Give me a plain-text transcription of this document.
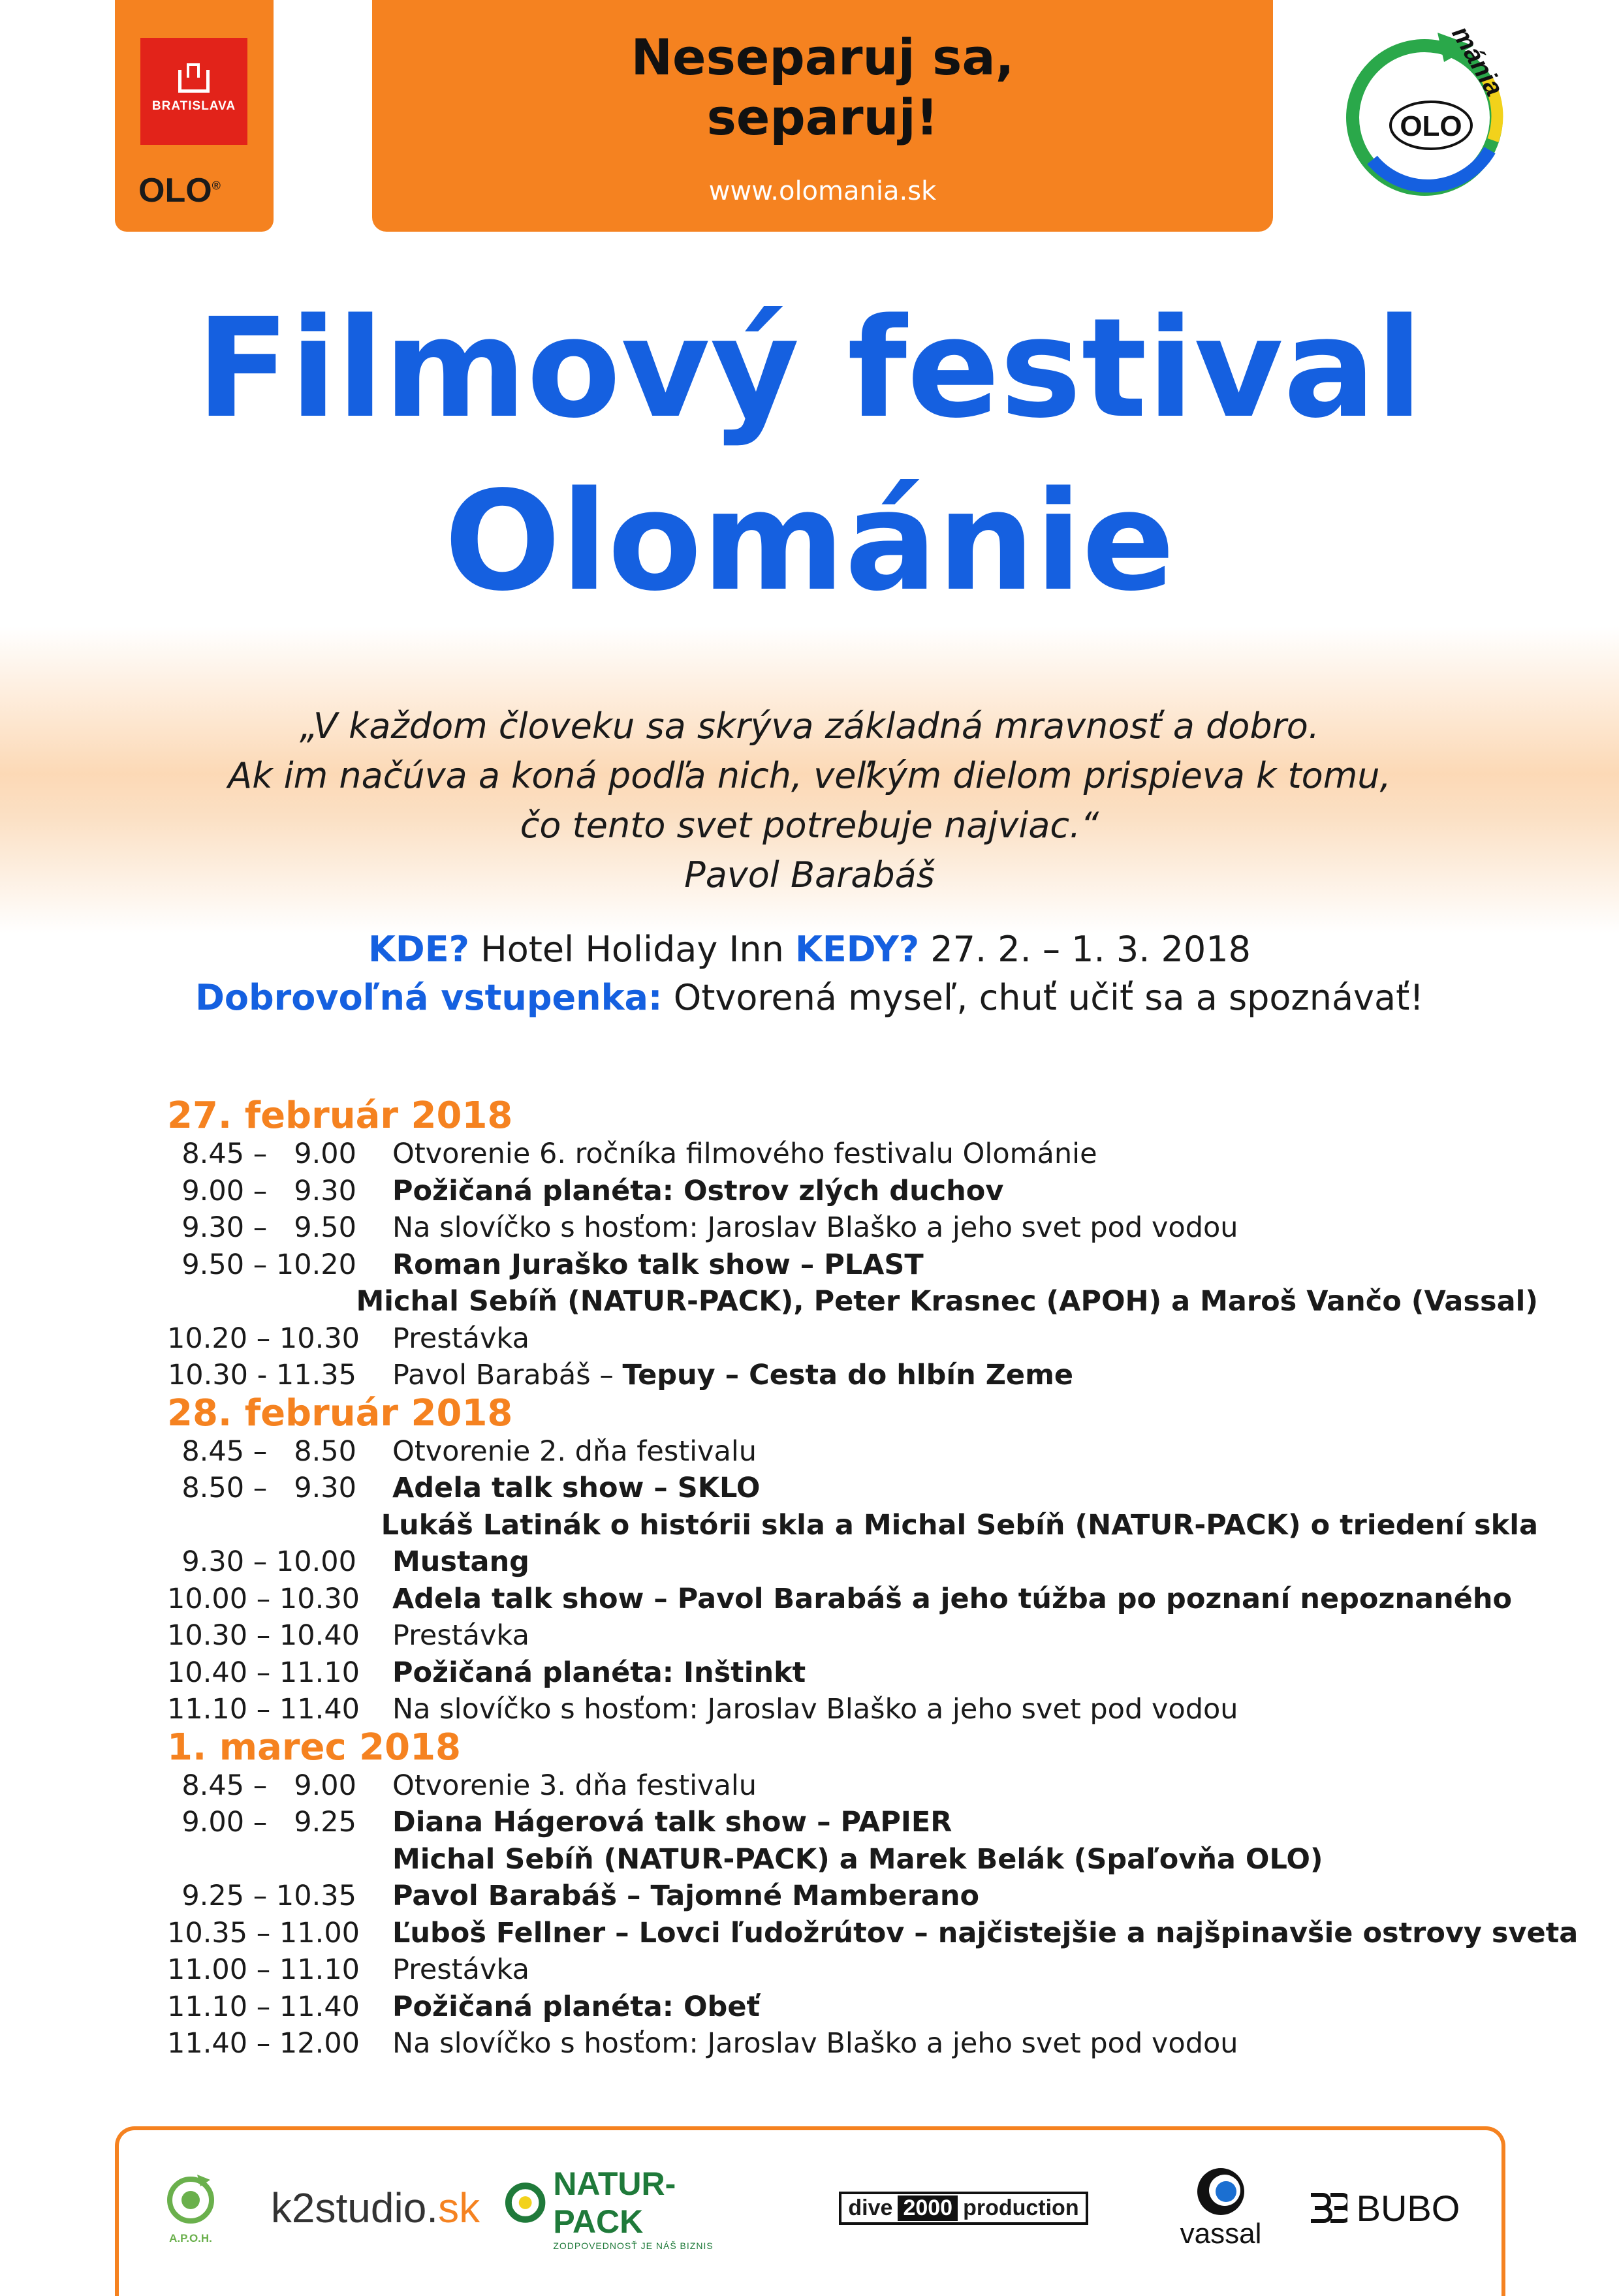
BRATISLAVA
OLO®
Neseparuj sa,
separuj!
www.olomania.sk
OLO
mánia
Filmový festival
Olománie
„V každom človeku sa skrýva základná mravnosť a dobro.
Ak im načúva a koná podľa nich, veľkým dielom prispieva k tomu,
čo tento svet potrebuje najviac.“
Pavol Barabáš
KDE? Hotel Holiday Inn KEDY? 27. 2. – 1. 3. 2018
Dobrovoľná vstupenka: Otvorená myseľ, chuť učiť sa a spoznávať!
27. február 2018
8.45 –   9.00	Otvorenie 6. ročníka filmového festivalu Olománie
9.00 –   9.30	Požičaná planéta: Ostrov zlých duchov
9.30 –   9.50	Na slovíčko s hosťom: Jaroslav Blaško a jeho svet pod vodou
9.50 – 10.20	Roman Juraško talk show – PLAST
Michal Sebíň (NATUR-PACK), Peter Krasnec (APOH) a Maroš Vančo (Vassal)
10.20 – 10.30	Prestávka
10.30 - 11.35	Pavol Barabáš – Tepuy – Cesta do hlbín Zeme
28. február 2018
8.45 –   8.50	Otvorenie 2. dňa festivalu
8.50 –   9.30	Adela talk show – SKLO
Lukáš Latinák o histórii skla a Michal Sebíň (NATUR-PACK) o triedení skla
9.30 – 10.00	Mustang
10.00 – 10.30	Adela talk show – Pavol Barabáš a jeho túžba po poznaní nepoznaného
10.30 – 10.40	Prestávka
10.40 – 11.10	Požičaná planéta: Inštinkt
11.10 – 11.40	Na slovíčko s hosťom: Jaroslav Blaško a jeho svet pod vodou
1. marec 2018
8.45 –   9.00	Otvorenie 3. dňa festivalu
9.00 –   9.25	Diana Hágerová talk show – PAPIER
Michal Sebíň (NATUR-PACK) a Marek Belák (Spaľovňa OLO)
9.25 – 10.35	Pavol Barabáš – Tajomné Mamberano
10.35 – 11.00	Ľuboš Fellner – Lovci ľudožrútov – najčistejšie a najšpinavšie ostrovy sveta
11.00 – 11.10	Prestávka
11.10 – 11.40	Požičaná planéta: Obeť
11.40 – 12.00	Na slovíčko s hosťom: Jaroslav Blaško a jeho svet pod vodou
A.P.O.H.
k2studio. sk
NATUR-PACK
ZODPOVEDNOSŤ JE NÁŠ BIZNIS
dive 2000 production
vassal
BUBO
